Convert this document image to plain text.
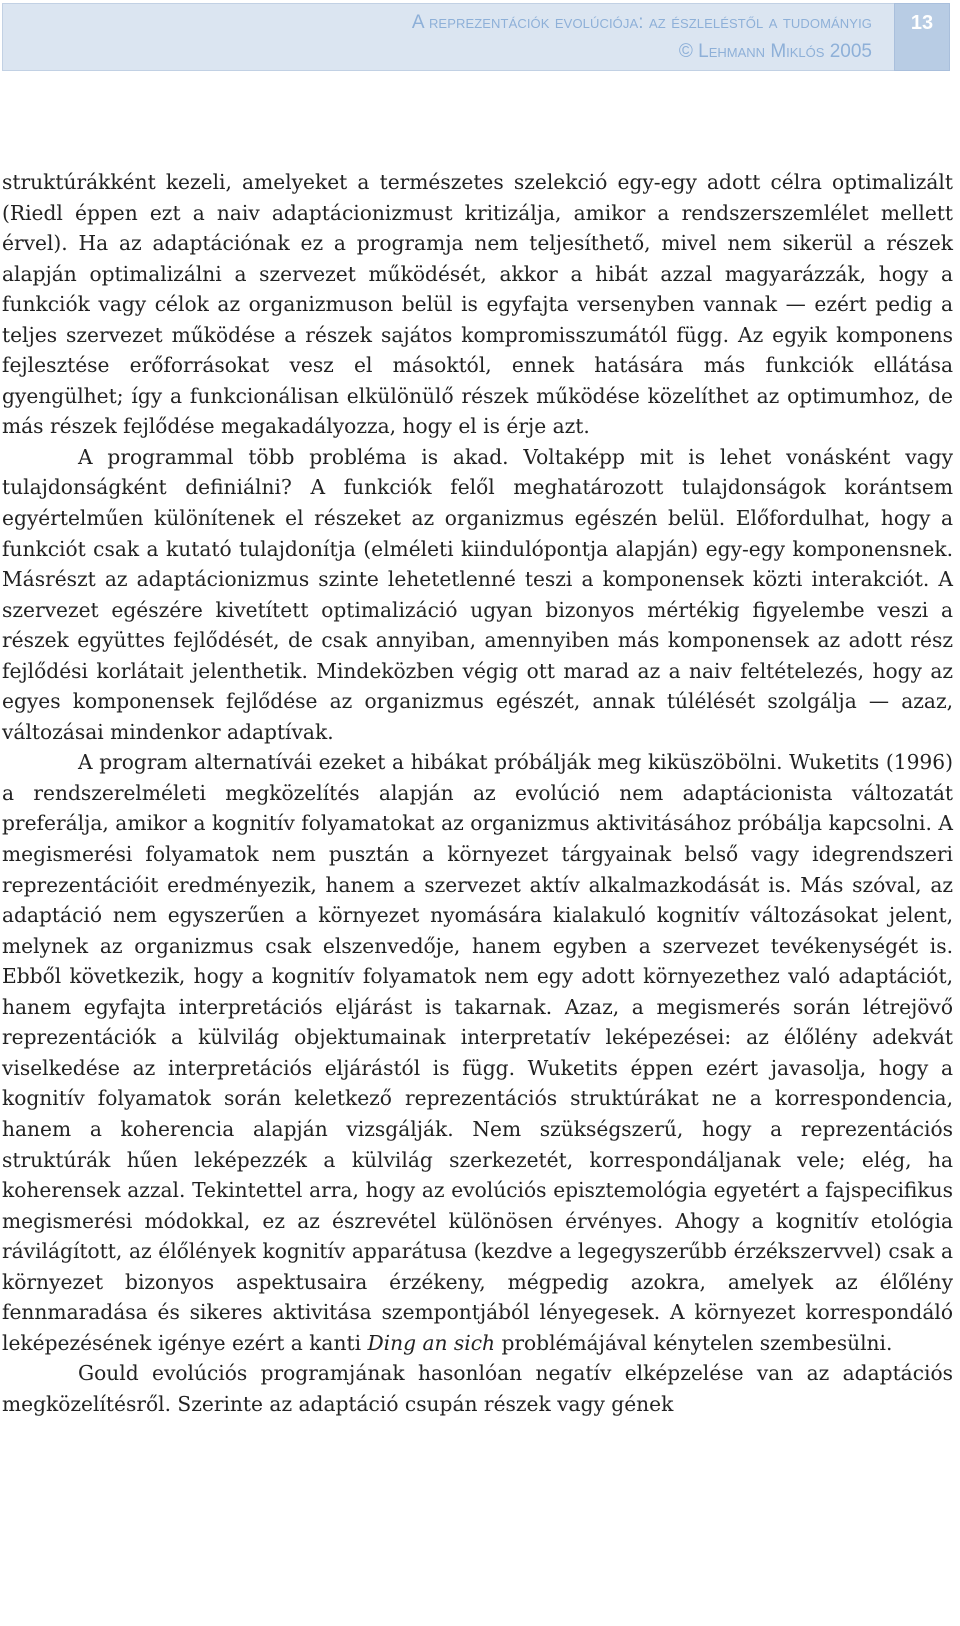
A reprezentációk evolúciója: az észleléstől a tudományig
© Lehmann Miklós 2005
13

struktúrákként kezeli, amelyeket a természetes szelekció egy-egy adott célra optimalizált (Riedl éppen ezt a naiv adaptácionizmust kritizálja, amikor a rendszerszemlélet mellett érvel). Ha az adaptációnak ez a programja nem teljesíthető, mivel nem sikerül a részek alapján optimalizálni a szervezet működését, akkor a hibát azzal magyarázzák, hogy a funkciók vagy célok az organizmuson belül is egyfajta versenyben vannak — ezért pedig a teljes szervezet működése a részek sajátos kompromisszumától függ. Az egyik komponens fejlesztése erőforrásokat vesz el másoktól, ennek hatására más funkciók ellátása gyengülhet; így a funkcionálisan elkülönülő részek működése közelíthet az optimumhoz, de más részek fejlődése megakadályozza, hogy el is érje azt.

A programmal több probléma is akad. Voltaképp mit is lehet vonásként vagy tulajdonságként definiálni? A funkciók felől meghatározott tulajdonságok korántsem egyértelműen különítenek el részeket az organizmus egészén belül. Előfordulhat, hogy a funkciót csak a kutató tulajdonítja (elméleti kiindulópontja alapján) egy-egy komponensnek. Másrészt az adaptácionizmus szinte lehetetlenné teszi a komponensek közti interakciót. A szervezet egészére kivetített optimalizáció ugyan bizonyos mértékig figyelembe veszi a részek együttes fejlődését, de csak annyiban, amennyiben más komponensek az adott rész fejlődési korlátait jelenthetik. Mindeközben végig ott marad az a naiv feltételezés, hogy az egyes komponensek fejlődése az organizmus egészét, annak túlélését szolgálja — azaz, változásai mindenkor adaptívak.

A program alternatívái ezeket a hibákat próbálják meg kiküszöbölni. Wuketits (1996) a rendszerelméleti megközelítés alapján az evolúció nem adaptácionista változatát preferálja, amikor a kognitív folyamatokat az organizmus aktivitásához próbálja kapcsolni. A megismerési folyamatok nem pusztán a környezet tárgyainak belső vagy idegrendszeri reprezentációit eredményezik, hanem a szervezet aktív alkalmazkodását is. Más szóval, az adaptáció nem egyszerűen a környezet nyomására kialakuló kognitív változásokat jelent, melynek az organizmus csak elszenvedője, hanem egyben a szervezet tevékenységét is. Ebből következik, hogy a kognitív folyamatok nem egy adott környezethez való adaptációt, hanem egyfajta interpretációs eljárást is takarnak. Azaz, a megismerés során létrejövő reprezentációk a külvilág objektumainak interpretatív leképezései: az élőlény adekvát viselkedése az interpretációs eljárástól is függ. Wuketits éppen ezért javasolja, hogy a kognitív folyamatok során keletkező reprezentációs struktúrákat ne a korrespondencia, hanem a koherencia alapján vizsgálják. Nem szükségszerű, hogy a reprezentációs struktúrák hűen leképezzék a külvilág szerkezetét, korrespondáljanak vele; elég, ha koherensek azzal. Tekintettel arra, hogy az evolúciós episztemológia egyetért a fajspecifikus megismerési módokkal, ez az észrevétel különösen érvényes. Ahogy a kognitív etológia rávilágított, az élőlények kognitív apparátusa (kezdve a legegyszerűbb érzékszervvel) csak a környezet bizonyos aspektusaira érzékeny, mégpedig azokra, amelyek az élőlény fennmaradása és sikeres aktivitása szempontjából lényegesek. A környezet korrespondáló leképezésének igénye ezért a kanti Ding an sich problémájával kénytelen szembesülni.

Gould evolúciós programjának hasonlóan negatív elképzelése van az adaptációs megközelítésről. Szerinte az adaptáció csupán részek vagy gének
